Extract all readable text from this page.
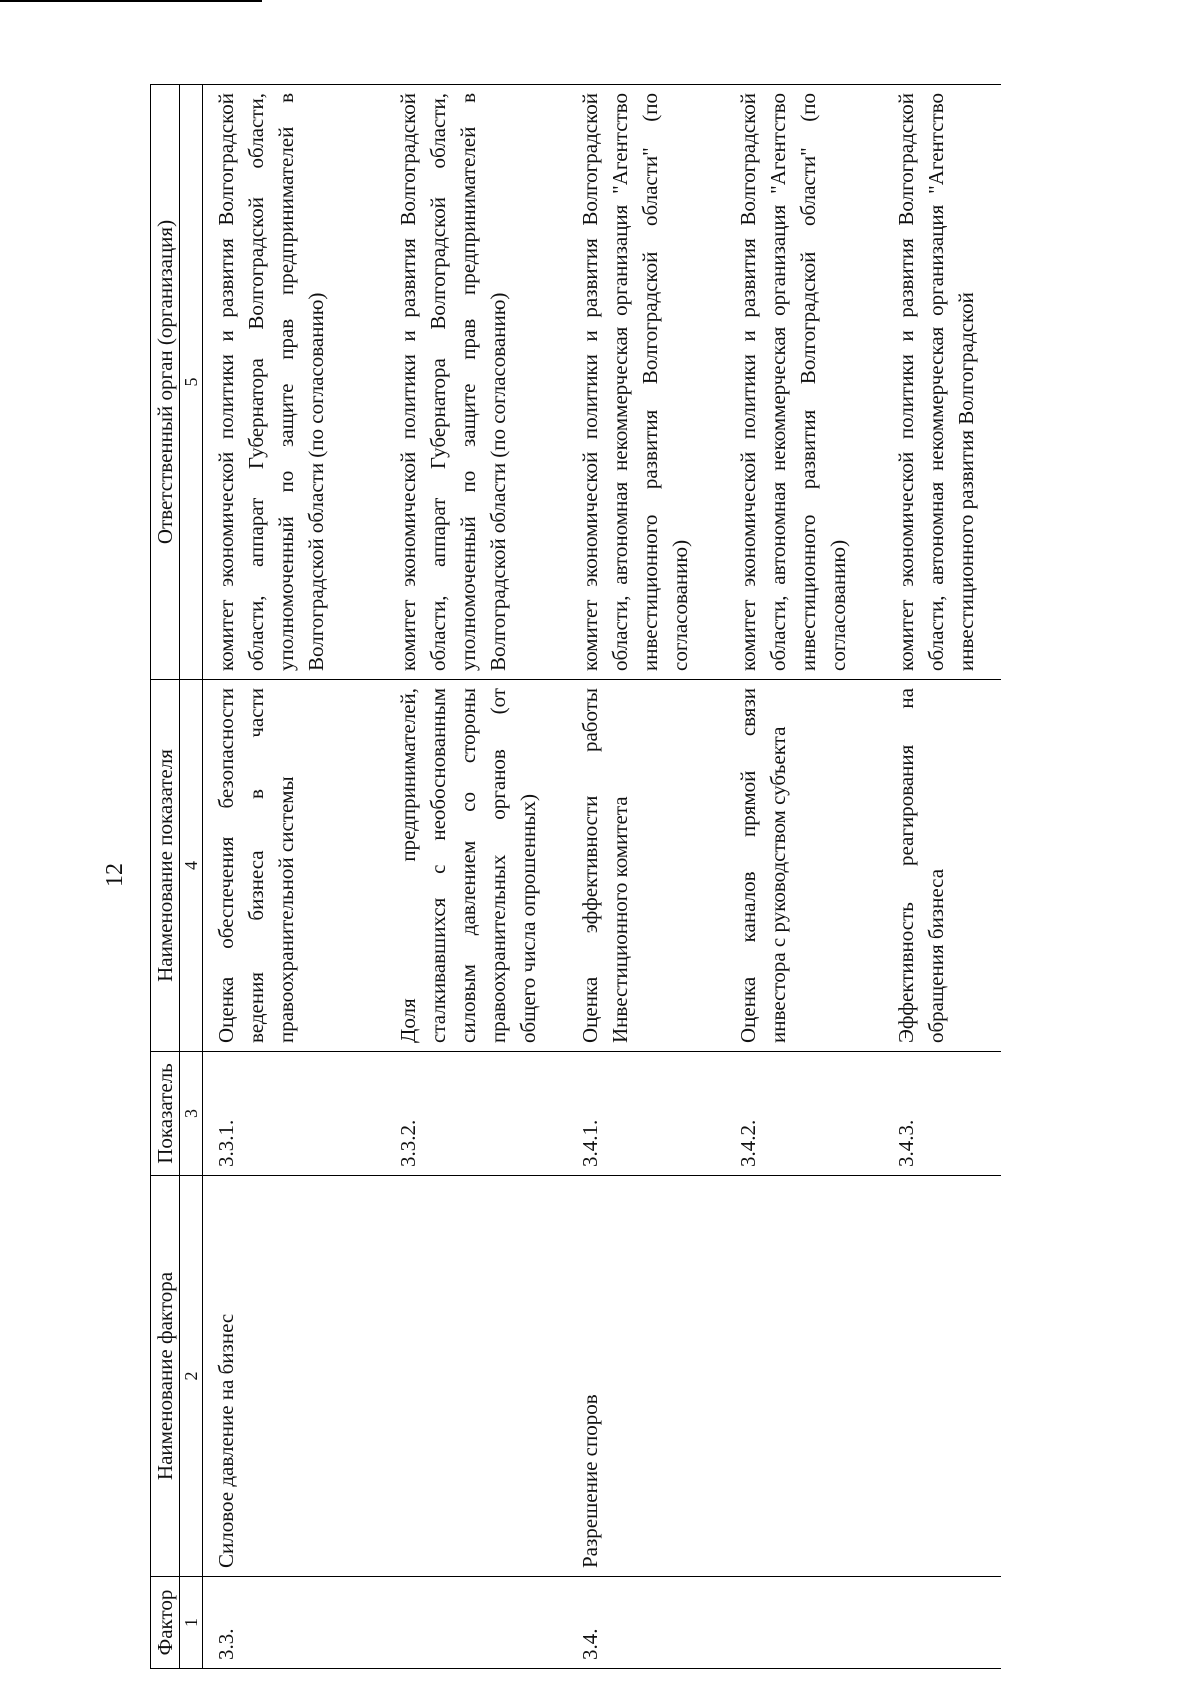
12
Фактор	Наименование фактора	Показатель	Наименование показателя	Ответственный орган (организация)
1	2	3	4	5
3.3.	Силовое давление на бизнес	3.3.1.	Оценка обеспечения безопасности ведения бизнеса в части правоохранительной системы	комитет экономической политики и развития Волгоградской области, аппарат Губернатора Волгоградской области, уполномоченный по защите прав предпринимателей в Волгоградской области (по согласованию)
		3.3.2.	Доля предпринимателей, сталкивавшихся с необоснованным силовым давлением со стороны правоохранительных органов (от общего числа опрошенных)	комитет экономической политики и развития Волгоградской области, аппарат Губернатора Волгоградской области, уполномоченный по защите прав предпринимателей в Волгоградской области (по согласованию)
3.4.	Разрешение споров	3.4.1.	Оценка эффективности работы Инвестиционного комитета	комитет экономической политики и развития Волгоградской области, автономная некоммерческая организация "Агентство инвестиционного развития Волгоградской области" (по согласованию)
		3.4.2.	Оценка каналов прямой связи инвестора с руководством субъекта	комитет экономической политики и развития Волгоградской области, автономная некоммерческая организация "Агентство инвестиционного развития Волгоградской области" (по согласованию)
		3.4.3.	Эффективность реагирования на обращения бизнеса	комитет экономической политики и развития Волгоградской области, автономная некоммерческая организация "Агентство инвестиционного развития Волгоградской
